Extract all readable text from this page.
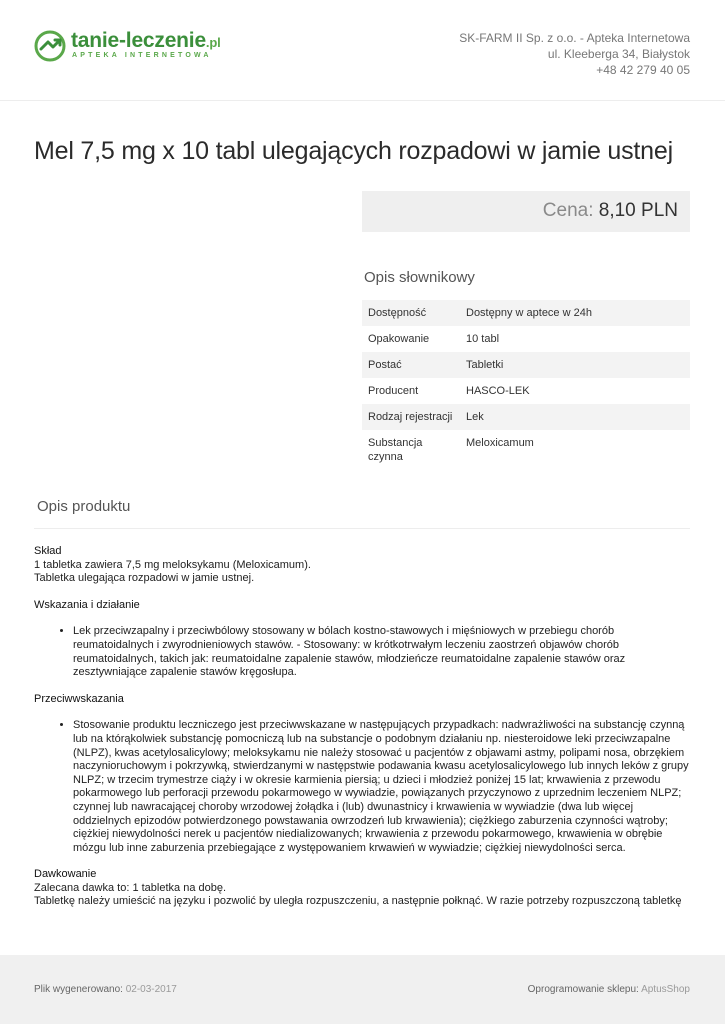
tanie-leczenie.pl
APTEKA INTERNETOWA
SK-FARM II Sp. z o.o. - Apteka Internetowa
ul. Kleeberga 34, Białystok
+48 42 279 40 05
Mel 7,5 mg x 10 tabl ulegających rozpadowi w jamie ustnej
Cena: 8,10 PLN
Opis słownikowy
Dostępność	Dostępny w aptece w 24h
Opakowanie	10 tabl
Postać	Tabletki
Producent	HASCO-LEK
Rodzaj rejestracji	Lek
Substancja czynna	Meloxicamum
Opis produktu

Skład

1 tabletka zawiera 7,5 mg meloksykamu (Meloxicamum).

Tabletka ulegająca rozpadowi w jamie ustnej.

Wskazania i działanie

• Lek przeciwzapalny i przeciwbólowy stosowany w bólach kostno-stawowych i mięśniowych w przebiegu chorób reumatoidalnych i zwyrodnieniowych stawów. - Stosowany: w krótkotrwałym leczeniu zaostrzeń objawów chorób reumatoidalnych, takich jak: reumatoidalne zapalenie stawów, młodzieńcze reumatoidalne zapalenie stawów oraz zesztywniające zapalenie stawów kręgosłupa.

Przeciwwskazania

• Stosowanie produktu leczniczego jest przeciwwskazane w następujących przypadkach: nadwrażliwości na substancję czynną lub na którąkolwiek substancję pomocniczą lub na substancje o podobnym działaniu np. niesteroidowe leki przeciwzapalne (NLPZ), kwas acetylosalicylowy; meloksykamu nie należy stosować u pacjentów z objawami astmy, polipami nosa, obrzękiem naczynioruchowym i pokrzywką, stwierdzanymi w następstwie podawania kwasu acetylosalicylowego lub innych leków z grupy NLPZ; w trzecim trymestrze ciąży i w okresie karmienia piersią; u dzieci i młodzież poniżej 15 lat; krwawienia z przewodu pokarmowego lub perforacji przewodu pokarmowego w wywiadzie, powiązanych przyczynowo z uprzednim leczeniem NLPZ; czynnej lub nawracającej choroby wrzodowej żołądka i (lub) dwunastnicy i krwawienia w wywiadzie (dwa lub więcej oddzielnych epizodów potwierdzonego powstawania owrzodzeń lub krwawienia); ciężkiego zaburzenia czynności wątroby; ciężkiej niewydolności nerek u pacjentów niedializowanych; krwawienia z przewodu pokarmowego, krwawienia w obrębie mózgu lub inne zaburzenia przebiegające z występowaniem krwawień w wywiadzie; ciężkiej niewydolności serca.

Dawkowanie

Zalecana dawka to: 1 tabletka na dobę.

Tabletkę należy umieścić na języku i pozwolić by uległa rozpuszczeniu, a następnie połknąć. W razie potrzeby rozpuszczoną tabletkę

Plik wygenerowano: 02-03-2017	Oprogramowanie sklepu: AptusShop
